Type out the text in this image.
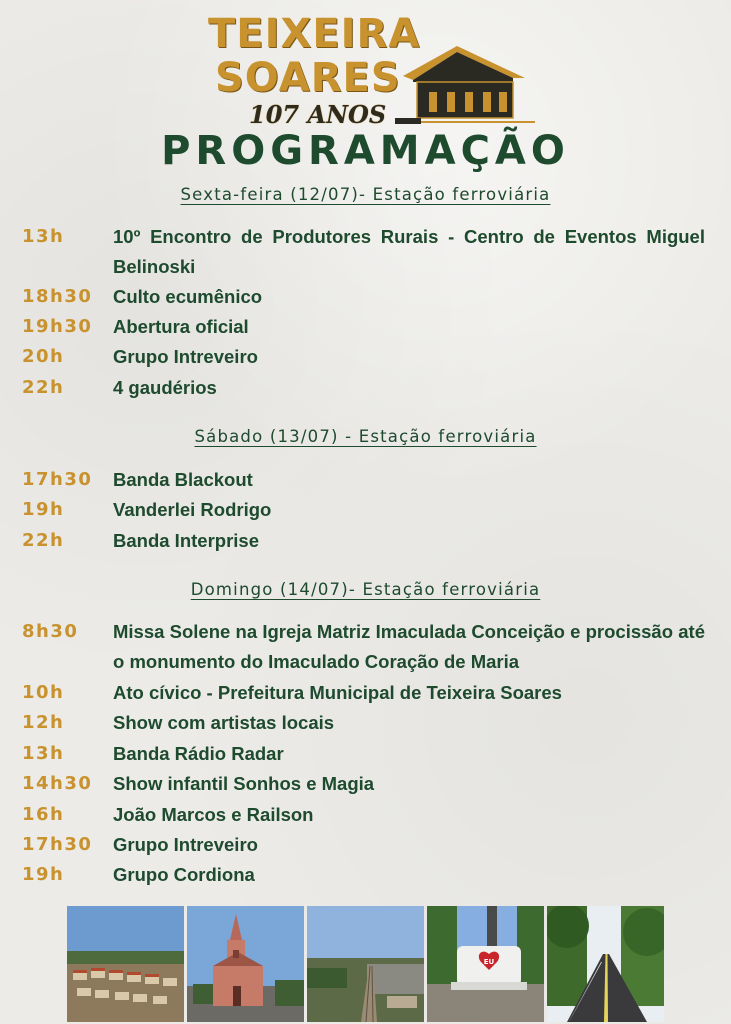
TEIXEIRA
SOARES
107 ANOS
PROGRAMAÇÃO
Sexta-feira (12/07)- Estação ferroviária
13h	10º Encontro de Produtores Rurais - Centro de Eventos Miguel Belinoski
18h30 Culto ecumênico
19h30 Abertura oficial
20h	Grupo Intreveiro
22h	4 gaudérios
Sábado (13/07) - Estação ferroviária
17h30 Banda Blackout
19h	Vanderlei Rodrigo
22h	Banda Interprise
Domingo (14/07)- Estação ferroviária
8h30 Missa Solene na Igreja Matriz Imaculada Conceição e procissão até o monumento do Imaculado Coração de Maria
10h	Ato cívico - Prefeitura Municipal de Teixeira Soares
12h	Show com artistas locais
13h	Banda Rádio Radar
14h30 Show infantil Sonhos e Magia
16h	João Marcos e Railson
17h30 Grupo Intreveiro
19h	Grupo Cordiona
EU
